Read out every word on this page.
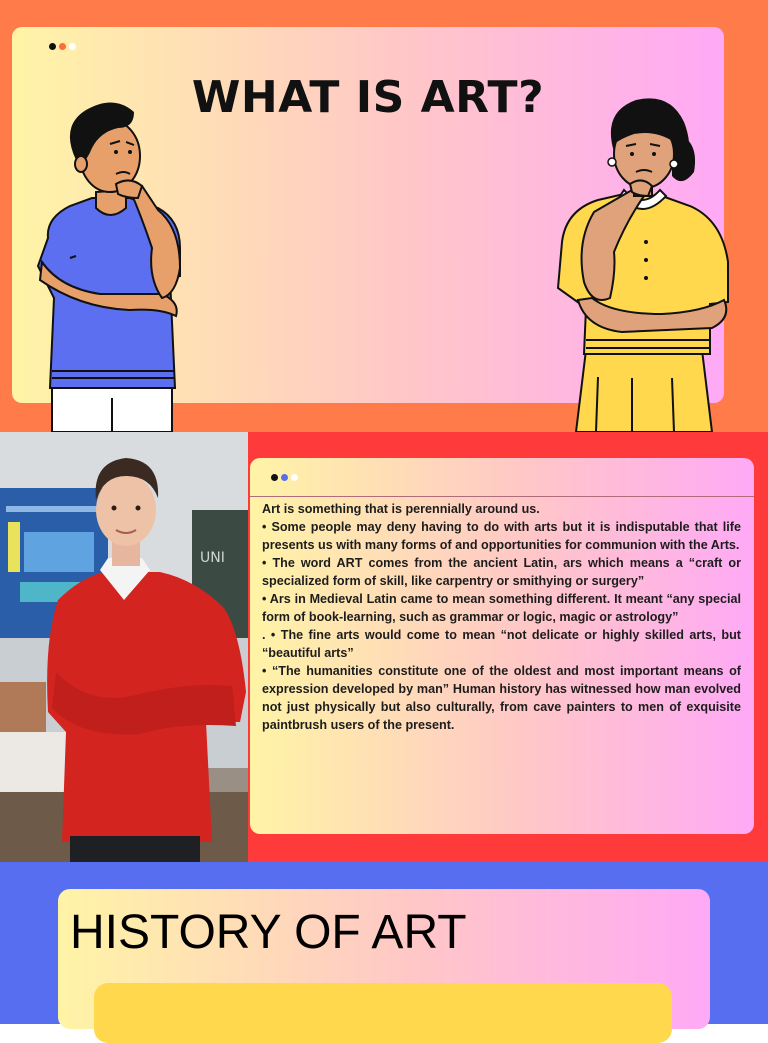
WHAT IS ART?
UNI

Art is something that is perennially around us.

• Some people may deny having to do with arts but it is indisputable that life presents us with many forms of and opportunities for communion with the Arts.

• The word ART comes from the ancient Latin, ars which means a “craft or specialized form of skill, like carpentry or smithying or surgery”

• Ars in Medieval Latin came to mean something different. It meant “any special form of book-learning, such as grammar or logic, magic or astrology”

. • The fine arts would come to mean “not delicate or highly skilled arts, but “beautiful arts”

• “The humanities constitute one of the oldest and most important means of expression developed by man” Human history has witnessed how man evolved not just physically but also culturally, from cave painters to men of exquisite paintbrush users of the present.

HISTORY OF ART
